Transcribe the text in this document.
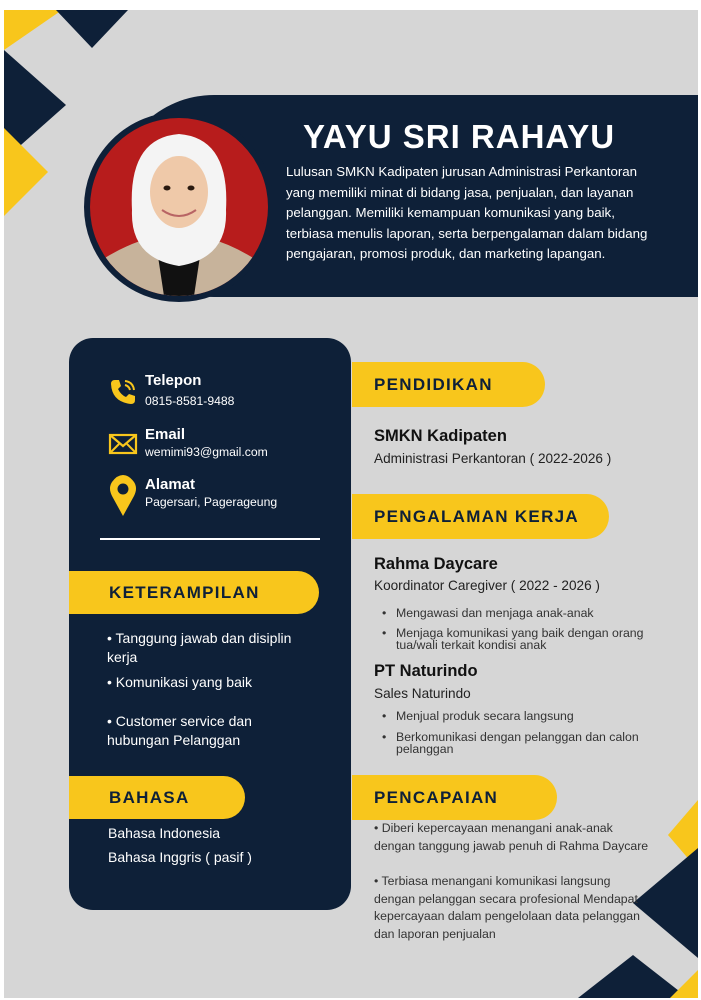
YAYU SRI RAHAYU
Lulusan SMKN Kadipaten jurusan Administrasi Perkantoran yang memiliki minat di bidang jasa, penjualan, dan layanan pelanggan. Memiliki kemampuan komunikasi yang baik, terbiasa menulis laporan, serta berpengalaman dalam bidang pengajaran, promosi produk, dan marketing lapangan.
Telepon
0815-8581-9488
Email
wemimi93@gmail.com
Alamat
Pagersari, Pagerageung
KETERAMPILAN
• Tanggung jawab dan disiplin kerja
• Komunikasi yang baik
• Customer service dan hubungan Pelanggan
BAHASA
Bahasa Indonesia
Bahasa Inggris ( pasif )
PENDIDIKAN
SMKN Kadipaten
Administrasi Perkantoran ( 2022-2026 )
PENGALAMAN KERJA
Rahma Daycare
Koordinator Caregiver ( 2022 - 2026 )
• Mengawasi dan menjaga anak-anak
• Menjaga komunikasi yang baik dengan orang tua/wali terkait kondisi anak
PT Naturindo
Sales Naturindo
• Menjual produk secara langsung
• Berkomunikasi dengan pelanggan dan calon pelanggan
PENCAPAIAN
• Diberi kepercayaan menangani anak-anak dengan tanggung jawab penuh di Rahma Daycare
• Terbiasa menangani komunikasi langsung dengan pelanggan secara profesional Mendapat kepercayaan dalam pengelolaan data pelanggan dan laporan penjualan
